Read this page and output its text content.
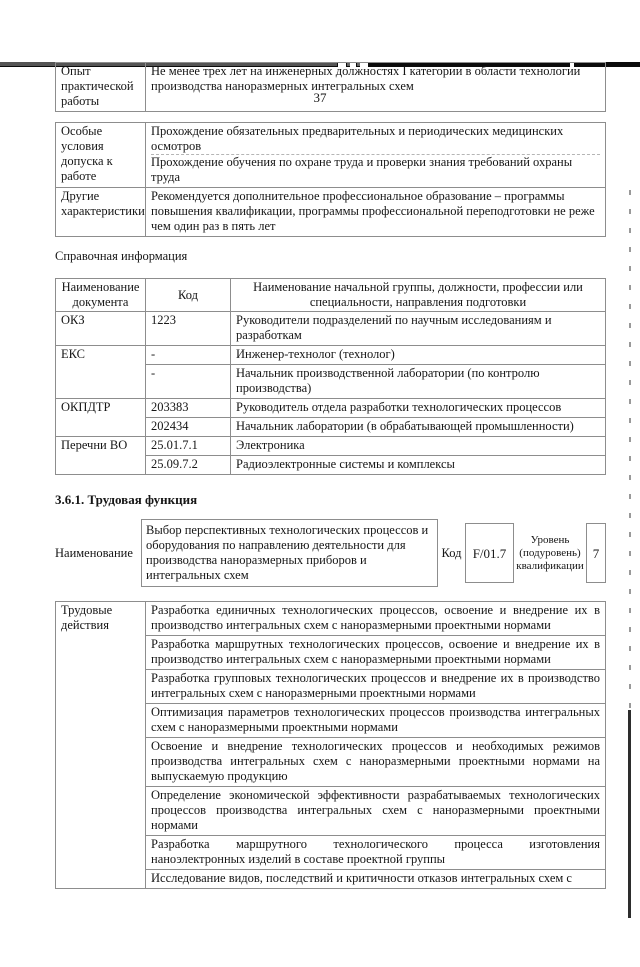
37
Опыт практической работы	Не менее трех лет на инженерных должностях I категории в области технологии производства наноразмерных интегральных схем
Особые условия допуска к работе	Прохождение обязательных предварительных и периодических медицинских осмотров
Прохождение обучения по охране труда и проверки знания требований охраны труда

Другие характеристики	Рекомендуется дополнительное профессиональное образование – программы повышения квалификации, программы профессиональной переподготовки не реже чем один раз в пять лет
Справочная информация
Наименование документа	Код	Наименование начальной группы, должности, профессии или специальности, направления подготовки
ОКЗ	1223	Руководители подразделений по научным исследованиям и разработкам
ЕКС	-	Инженер-технолог (технолог)
	-	Начальник производственной лаборатории (по контролю производства)
ОКПДТР	203383	Руководитель отдела разработки технологических процессов
	202434	Начальник лаборатории (в обрабатывающей промышленности)
Перечни ВО	25.01.7.1	Электроника
	25.09.7.2	Радиоэлектронные системы и комплексы
3.6.1. Трудовая функция
Наименование
Выбор перспективных технологических процессов и оборудования по направлению деятельности для производства наноразмерных приборов и интегральных схем
Код F/01.7
Уровень (подуровень) квалификации
7
Трудовые действия	Разработка единичных технологических процессов, освоение и внедрение их в производство интегральных схем с наноразмерными проектными нормами
Разработка маршрутных технологических процессов, освоение и внедрение их в производство интегральных схем с наноразмерными проектными нормами
Разработка групповых технологических процессов и внедрение их в производство интегральных схем с наноразмерными проектными нормами
Оптимизация параметров технологических процессов производства интегральных схем с наноразмерными проектными нормами
Освоение и внедрение технологических процессов и необходимых режимов производства интегральных схем с наноразмерными проектными нормами на выпускаемую продукцию
Определение экономической эффективности разрабатываемых технологических процессов производства интегральных схем с наноразмерными проектными нормами
Разработка маршрутного технологического процесса изготовления наноэлектронных изделий в составе проектной группы
Исследование видов, последствий и критичности отказов интегральных схем с
